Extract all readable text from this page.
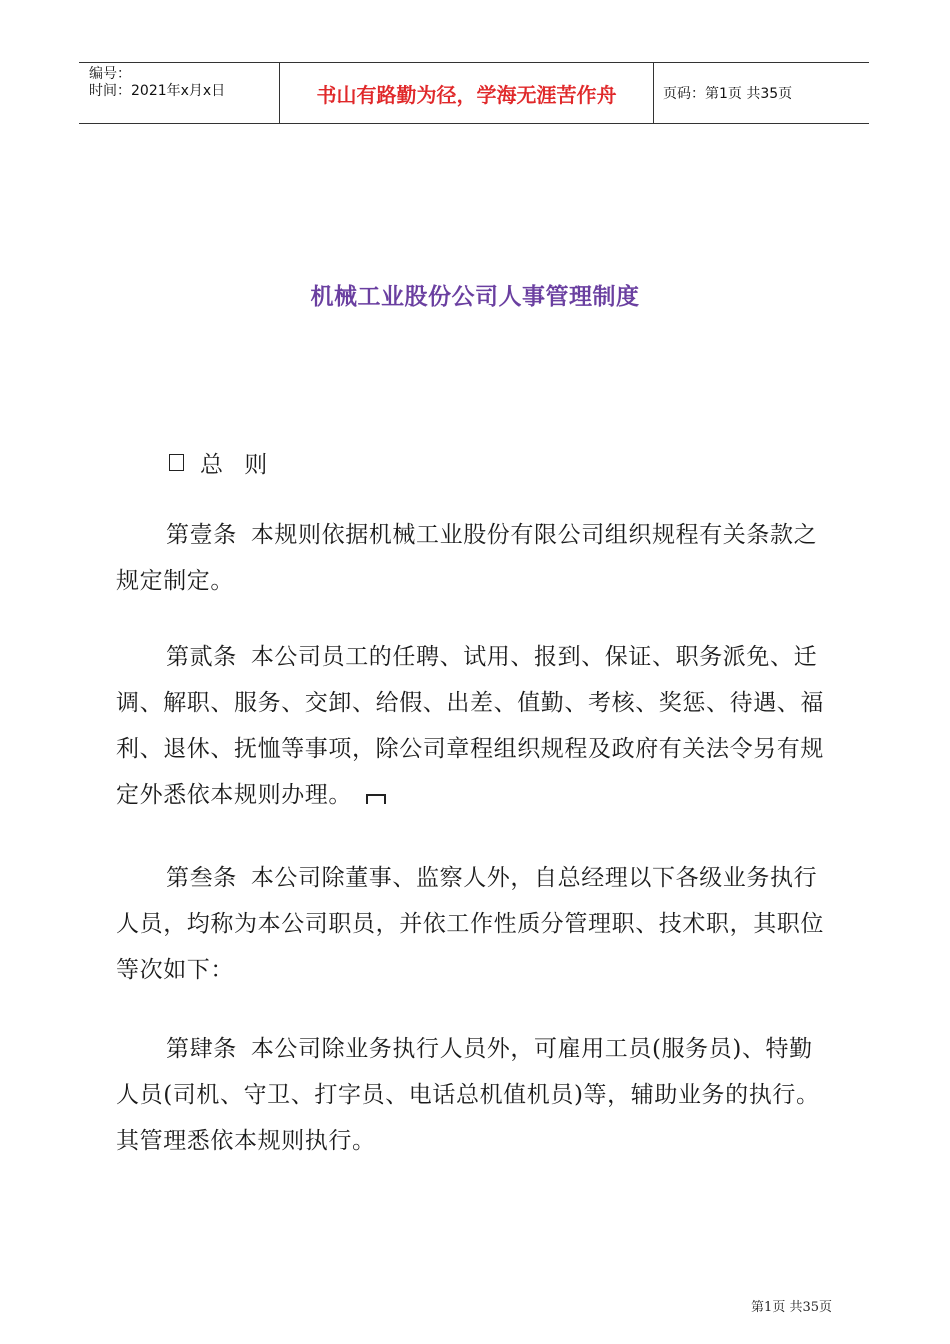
编号：
时间：2021年x月x日	书山有路勤为径，学海无涯苦作舟	页码：第1页 共35页
机械工业股份公司人事管理制度
总 则

第壹条 本规则依据机械工业股份有限公司组织规程有关条款之规定制定。

第贰条 本公司员工的任聘、试用、报到、保证、职务派免、迁调、解职、服务、交卸、给假、出差、值勤、考核、奖惩、待遇、福利、退休、抚恤等事项，除公司章程组织规程及政府有关法令另有规定外悉依本规则办理。

第叁条 本公司除董事、监察人外，自总经理以下各级业务执行人员，均称为本公司职员，并依工作性质分管理职、技术职，其职位等次如下：

第肆条 本公司除业务执行人员外，可雇用工员(服务员)、特勤人员(司机、守卫、打字员、电话总机值机员)等，辅助业务的执行。其管理悉依本规则执行。

第1页 共35页
